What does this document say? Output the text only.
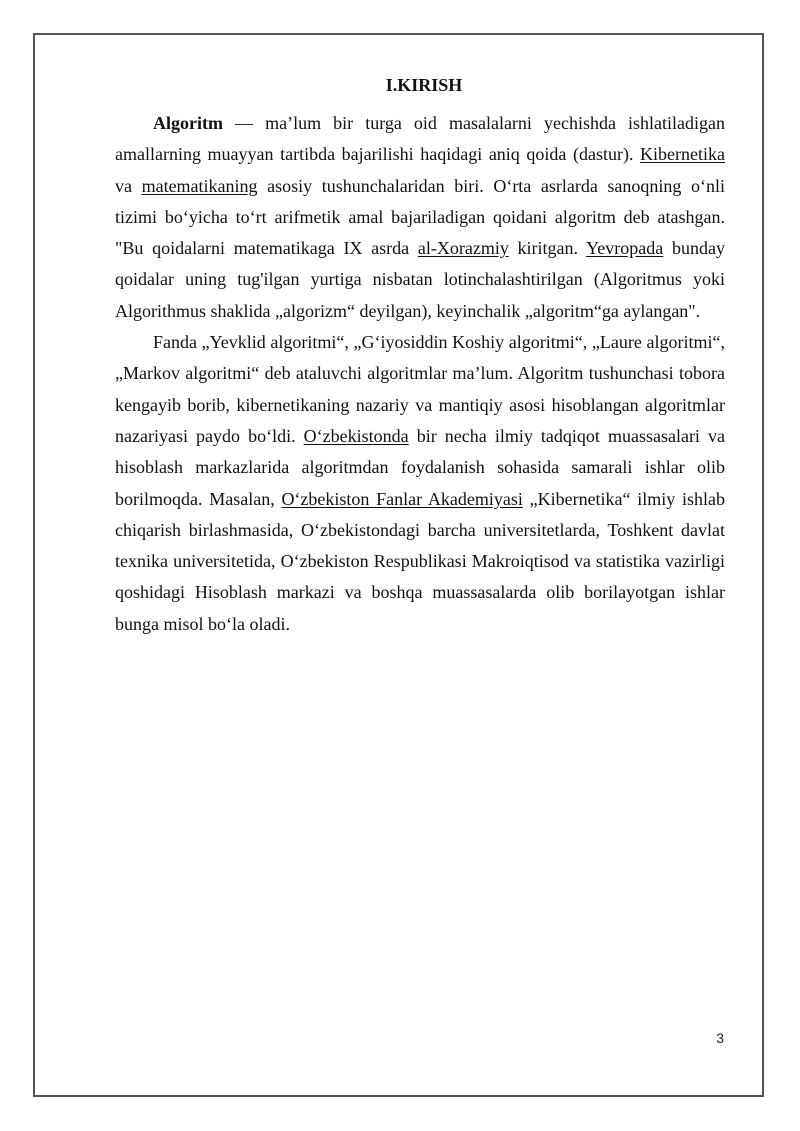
I.KIRISH

Algoritm — ma’lum bir turga oid masalalarni yechishda ishlatiladigan amallarning muayyan tartibda bajarilishi haqidagi aniq qoida (dastur). Kibernetika va matematikaning asosiy tushunchalaridan biri. O‘rta asrlarda sanoqning o‘nli tizimi bo‘yicha to‘rt arifmetik amal bajariladigan qoidani algoritm deb atashgan. "Bu qoidalarni matematikaga IX asrda al-Xorazmiy kiritgan. Yevropada bunday qoidalar uning tug'ilgan yurtiga nisbatan lotinchalashtirilgan (Algoritmus yoki Algorithmus shaklida „algorizm“ deyilgan), keyinchalik „algoritm“ga aylangan".

Fanda „Yevklid algoritmi“, „G‘iyosiddin Koshiy algoritmi“, „Laure algoritmi“, „Markov algoritmi“ deb ataluvchi algoritmlar ma’lum. Algoritm tushunchasi tobora kengayib borib, kibernetikaning nazariy va mantiqiy asosi hisoblangan algoritmlar nazariyasi paydo bo‘ldi. O‘zbekistonda bir necha ilmiy tadqiqot muassasalari va hisoblash markazlarida algoritmdan foydalanish sohasida samarali ishlar olib borilmoqda. Masalan, O‘zbekiston Fanlar Akademiyasi „Kibernetika“ ilmiy ishlab chiqarish birlashmasida, O‘zbekistondagi barcha universitetlarda, Toshkent davlat texnika universitetida, O‘zbekiston Respublikasi Makroiqtisod va statistika vazirligi qoshidagi Hisoblash markazi va boshqa muassasalarda olib borilayotgan ishlar bunga misol bo‘la oladi.

3
